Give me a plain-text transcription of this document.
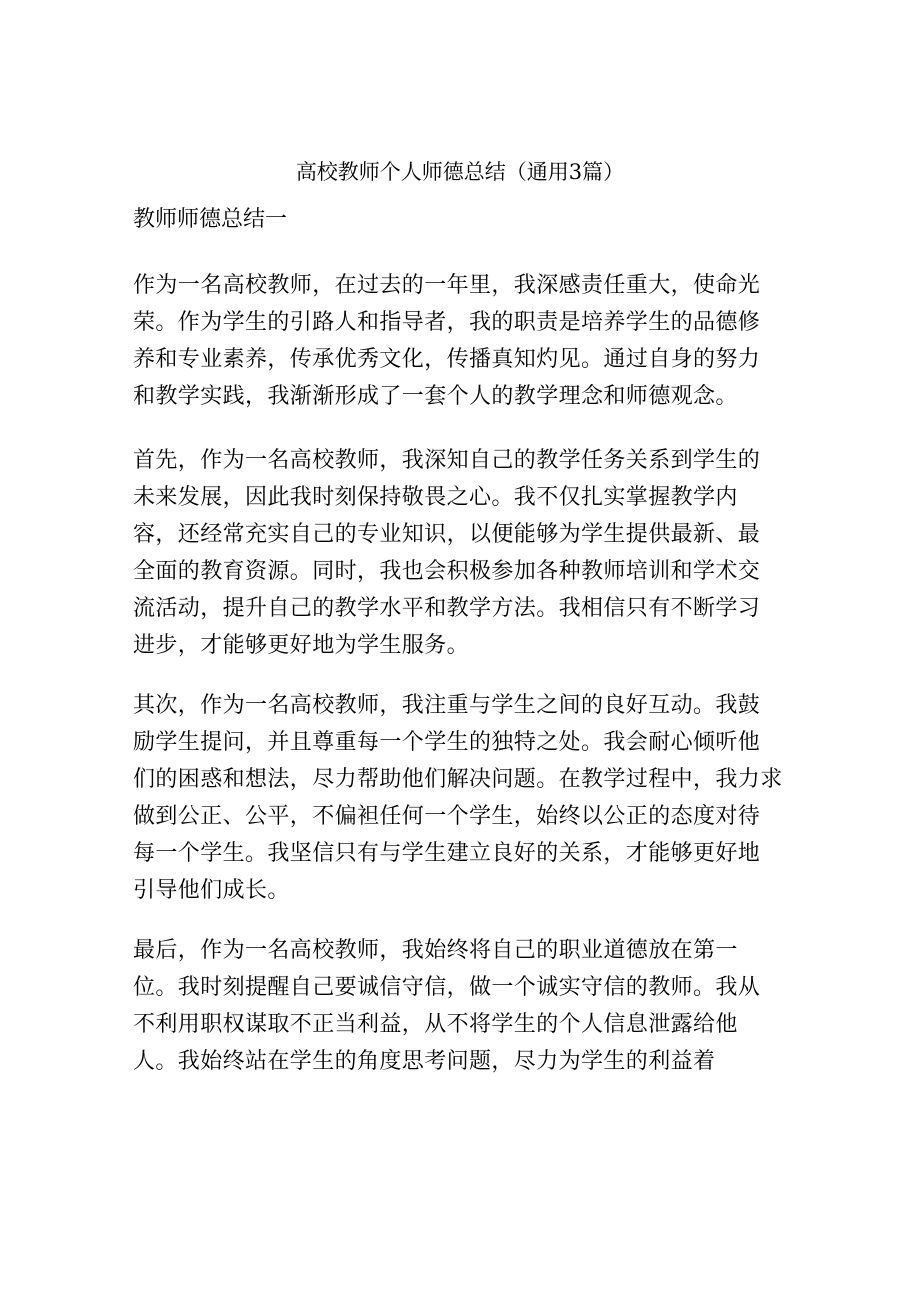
高校教师个人师德总结（通用3篇）
教师师德总结一
作为一名高校教师，在过去的一年里，我深感责任重大，使命光
荣。作为学生的引路人和指导者，我的职责是培养学生的品德修
养和专业素养，传承优秀文化，传播真知灼见。通过自身的努力
和教学实践，我渐渐形成了一套个人的教学理念和师德观念。
首先，作为一名高校教师，我深知自己的教学任务关系到学生的
未来发展，因此我时刻保持敬畏之心。我不仅扎实掌握教学内
容，还经常充实自己的专业知识，以便能够为学生提供最新、最
全面的教育资源。同时，我也会积极参加各种教师培训和学术交
流活动，提升自己的教学水平和教学方法。我相信只有不断学习
进步，才能够更好地为学生服务。
其次，作为一名高校教师，我注重与学生之间的良好互动。我鼓
励学生提问，并且尊重每一个学生的独特之处。我会耐心倾听他
们的困惑和想法，尽力帮助他们解决问题。在教学过程中，我力求
做到公正、公平，不偏袒任何一个学生，始终以公正的态度对待
每一个学生。我坚信只有与学生建立良好的关系，才能够更好地
引导他们成长。
最后，作为一名高校教师，我始终将自己的职业道德放在第一
位。我时刻提醒自己要诚信守信，做一个诚实守信的教师。我从
不利用职权谋取不正当利益，从不将学生的个人信息泄露给他
人。我始终站在学生的角度思考问题，尽力为学生的利益着
